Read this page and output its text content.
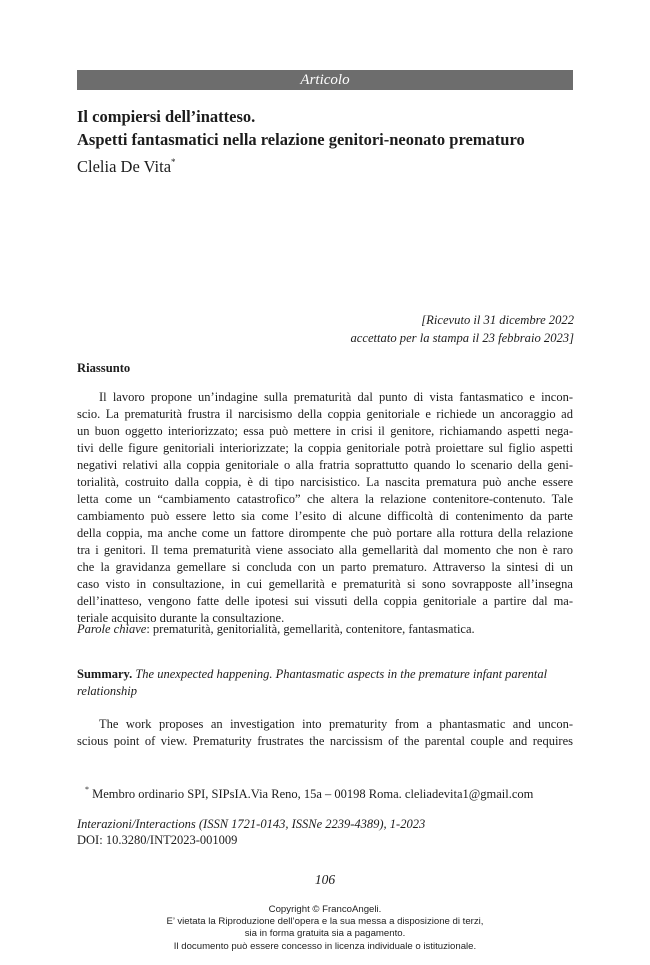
Articolo
Il compiersi dell’inatteso.
Aspetti fantasmatici nella relazione genitori-neonato prematuro
Clelia De Vita*
[Ricevuto il 31 dicembre 2022
accettato per la stampa il 23 febbraio 2023]
Riassunto
Il lavoro propone un’indagine sulla prematurità dal punto di vista fantasmatico e incon-
scio. La prematurità frustra il narcisismo della coppia genitoriale e richiede un ancoraggio ad
un buon oggetto interiorizzato; essa può mettere in crisi il genitore, richiamando aspetti nega-
tivi delle figure genitoriali interiorizzate; la coppia genitoriale potrà proiettare sul figlio aspetti
negativi relativi alla coppia genitoriale o alla fratria soprattutto quando lo scenario della geni-
torialità, costruito dalla coppia, è di tipo narcisistico. La nascita prematura può anche essere
letta come un “cambiamento catastrofico” che altera la relazione contenitore-contenuto. Tale
cambiamento può essere letto sia come l’esito di alcune difficoltà di contenimento da parte
della coppia, ma anche come un fattore dirompente che può portare alla rottura della relazione
tra i genitori. Il tema prematurità viene associato alla gemellarità dal momento che non è raro
che la gravidanza gemellare si concluda con un parto prematuro. Attraverso la sintesi di un
caso visto in consultazione, in cui gemellarità e prematurità si sono sovrapposte all’insegna
dell’inatteso, vengono fatte delle ipotesi sui vissuti della coppia genitoriale a partire dal ma-
teriale acquisito durante la consultazione.
Parole chiave: prematurità, genitorialità, gemellarità, contenitore, fantasmatica.
Summary. The unexpected happening. Phantasmatic aspects in the premature infant parental relationship
The work proposes an investigation into prematurity from a phantasmatic and uncon-
scious point of view. Prematurity frustrates the narcissism of the parental couple and requires
* Membro ordinario SPI, SIPsIA.Via Reno, 15a – 00198 Roma. cleliadevita1@gmail.com
Interazioni/Interactions (ISSN 1721-0143, ISSNe 2239-4389), 1-2023
DOI: 10.3280/INT2023-001009
106
Copyright © FrancoAngeli.
E’ vietata la Riproduzione dell’opera e la sua messa a disposizione di terzi,
sia in forma gratuita sia a pagamento.
Il documento può essere concesso in licenza individuale o istituzionale.
